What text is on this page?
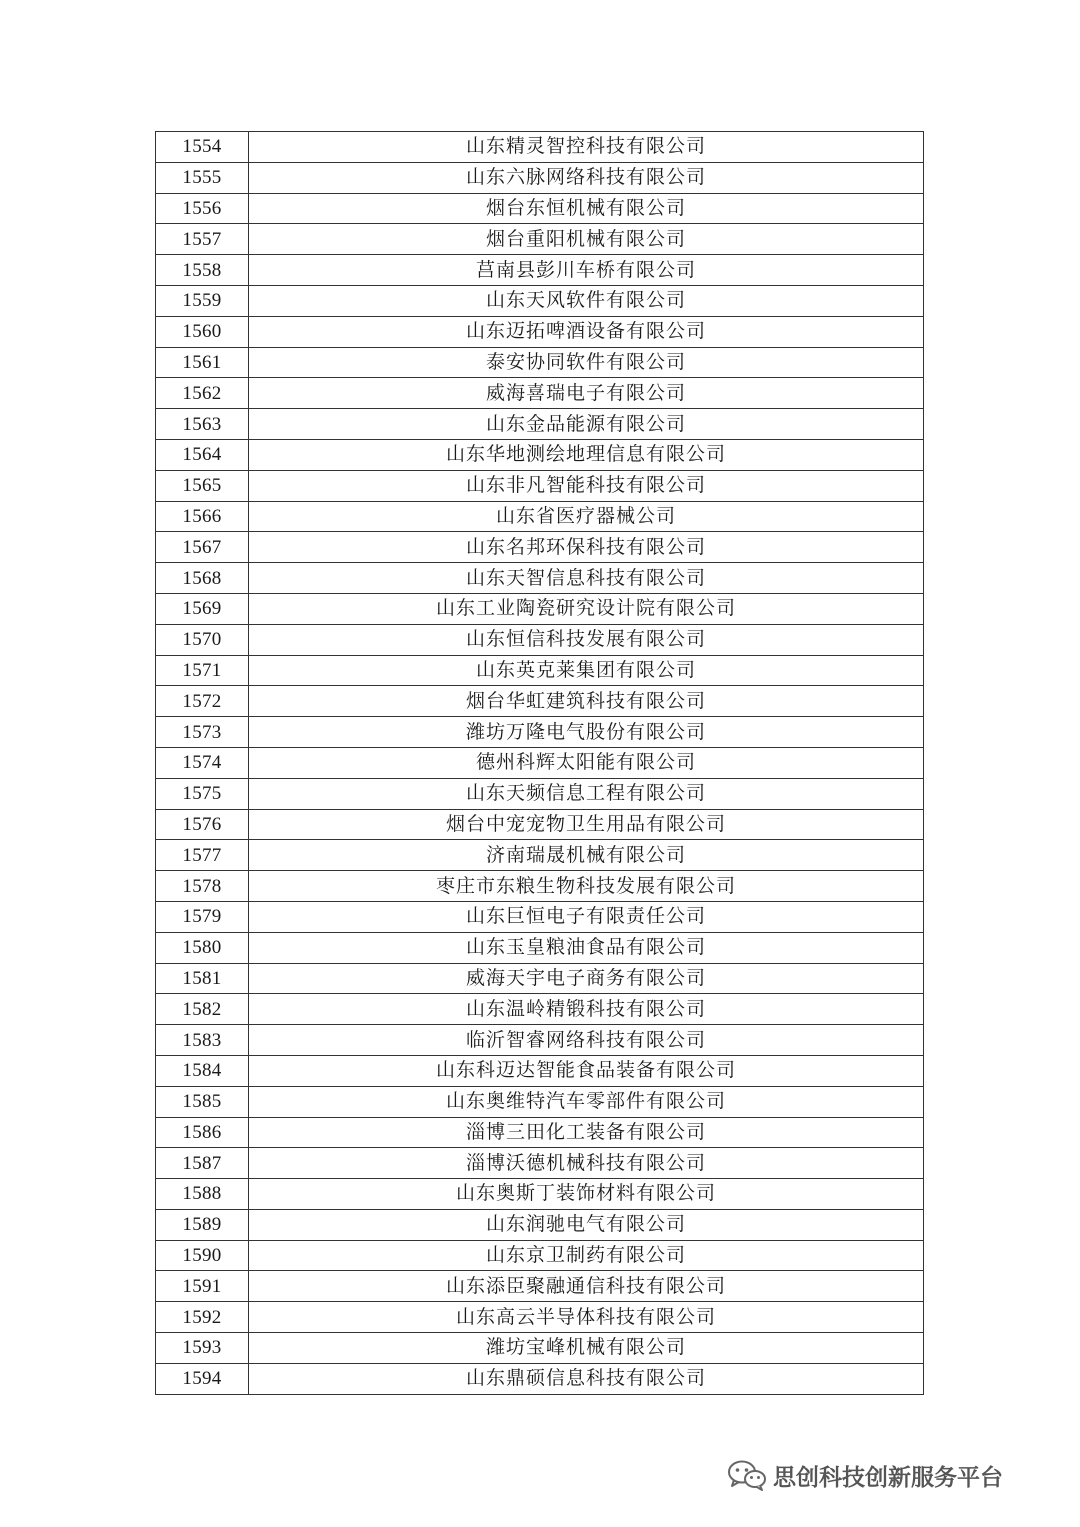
1554	山东精灵智控科技有限公司
1555	山东六脉网络科技有限公司
1556	烟台东恒机械有限公司
1557	烟台重阳机械有限公司
1558	莒南县彭川车桥有限公司
1559	山东天风软件有限公司
1560	山东迈拓啤酒设备有限公司
1561	泰安协同软件有限公司
1562	威海喜瑞电子有限公司
1563	山东金品能源有限公司
1564	山东华地测绘地理信息有限公司
1565	山东非凡智能科技有限公司
1566	山东省医疗器械公司
1567	山东名邦环保科技有限公司
1568	山东天智信息科技有限公司
1569	山东工业陶瓷研究设计院有限公司
1570	山东恒信科技发展有限公司
1571	山东英克莱集团有限公司
1572	烟台华虹建筑科技有限公司
1573	潍坊万隆电气股份有限公司
1574	德州科辉太阳能有限公司
1575	山东天频信息工程有限公司
1576	烟台中宠宠物卫生用品有限公司
1577	济南瑞晟机械有限公司
1578	枣庄市东粮生物科技发展有限公司
1579	山东巨恒电子有限责任公司
1580	山东玉皇粮油食品有限公司
1581	威海天宇电子商务有限公司
1582	山东温岭精锻科技有限公司
1583	临沂智睿网络科技有限公司
1584	山东科迈达智能食品装备有限公司
1585	山东奥维特汽车零部件有限公司
1586	淄博三田化工装备有限公司
1587	淄博沃德机械科技有限公司
1588	山东奥斯丁装饰材料有限公司
1589	山东润驰电气有限公司
1590	山东京卫制药有限公司
1591	山东添臣聚融通信科技有限公司
1592	山东高云半导体科技有限公司
1593	潍坊宝峰机械有限公司
1594	山东鼎硕信息科技有限公司
思创科技创新服务平台
